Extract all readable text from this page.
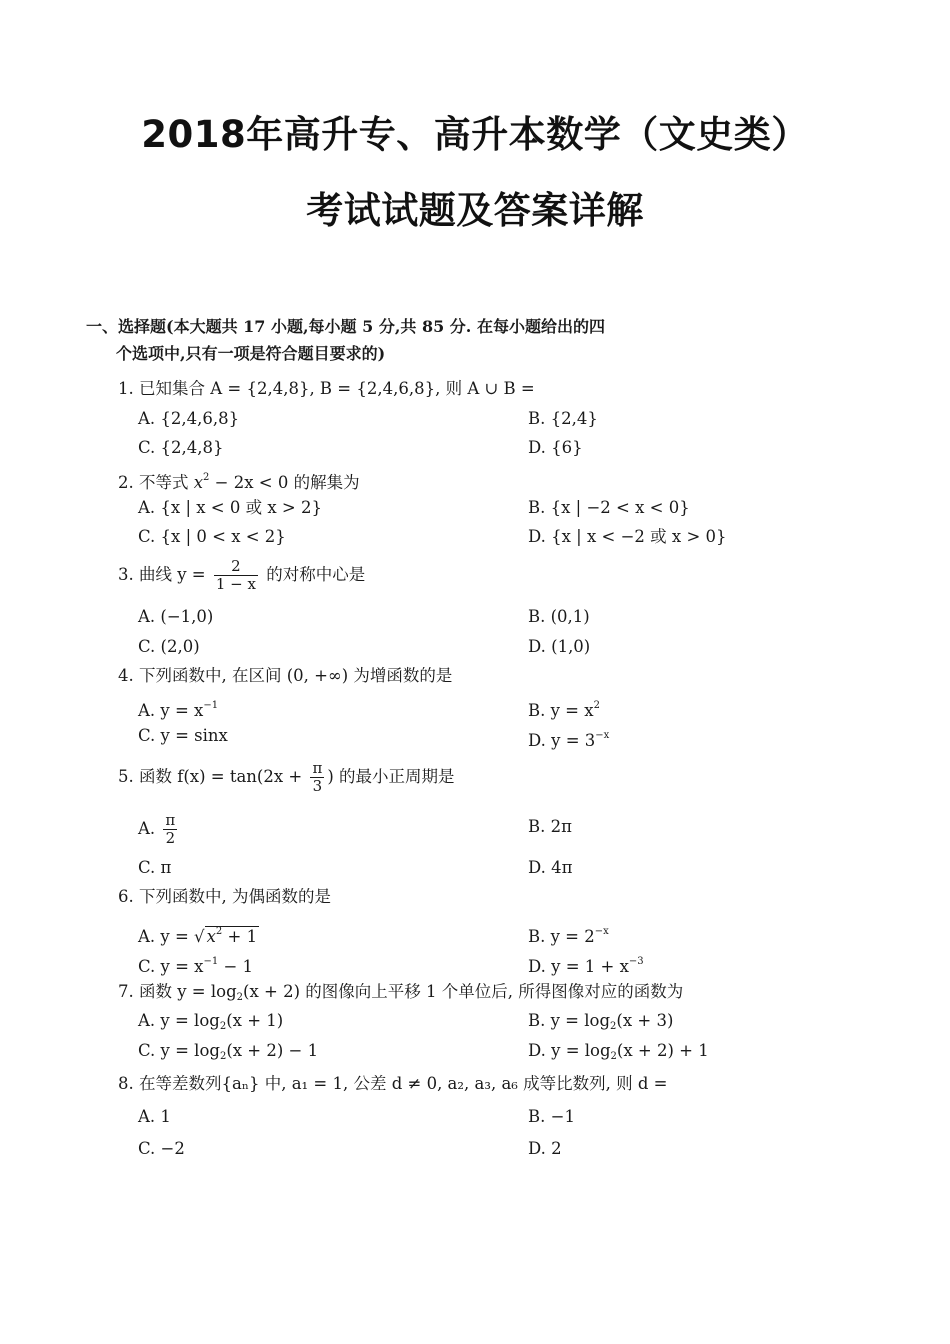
2018年高升专、高升本数学（文史类）
考试试题及答案详解
一、选择题(本大题共 17 小题,每小题 5 分,共 85 分. 在每小题给出的四
个选项中,只有一项是符合题目要求的)
1. 已知集合 A = {2,4,8}, B = {2,4,6,8}, 则 A ∪ B =
A. {2,4,6,8}	B. {2,4}
C. {2,4,8}	D. {6}
2. 不等式 $x^2 - 2x < 0$ 的解集为
A. {x | x < 0 或 x > 2}	B. {x | −2 < x < 0}
C. {x | 0 < x < 2}	D. {x | x < −2 或 x > 0}
3. 曲线 $y = \frac{2}{1 - x}$ 的对称中心是
A. (−1,0)	B. (0,1)
C. (2,0)	D. (1,0)
4. 下列函数中, 在区间 (0, +∞) 为增函数的是
A. $y = x^{-1}$	B. $y = x^2$
C. y = sinx	D. $y = 3^{-x}$
5. 函数 $f(x) = \tan(2x + \frac{\pi}{3}$ ) 的最小正周期是
A. $\frac{\pi}{2}$	B. 2π
C. π	D. 4π
6. 下列函数中, 为偶函数的是
A. y = √ $x^2 + 1$	B. $y = 2^{-x}$
C. $y = x^{-1} - 1$	D. $y = 1 + x^{-3}$
7. 函数 $y = \log_2(x + 2)$ 的图像向上平移 1 个单位后, 所得图像对应的函数为
A. $y = \log_2(x + 1)$	B. $y = \log_2(x + 3)$
C. $y = \log_2(x + 2) - 1$	D. $y = \log_2(x + 2) + 1$
8. 在等差数列{aₙ} 中, a₁ = 1, 公差 d ≠ 0, a₂, a₃, a₆ 成等比数列, 则 d =
A. 1	B. −1
C. −2	D. 2
